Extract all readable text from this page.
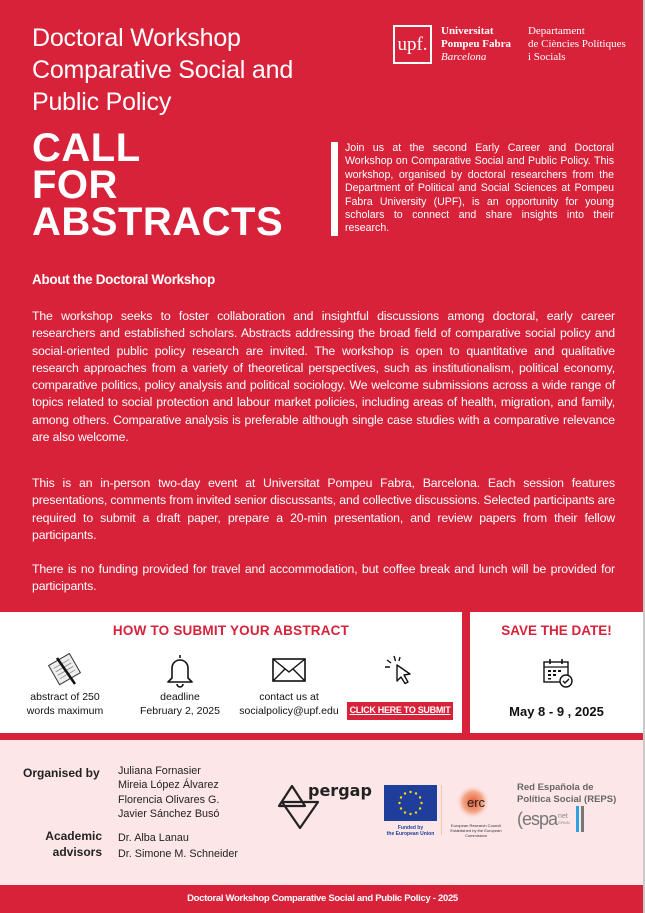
Doctoral Workshop
Comparative Social and
Public Policy
CALL
FOR
ABSTRACTS
upf.
Universitat
Pompeu Fabra
Barcelona
Departament
de Ciències Polítiques
i Socials
Join us at the second Early Career and Doctoral Workshop on Comparative Social and Public Policy. This workshop, organised by doctoral researchers from the Department of Political and Social Sciences at Pompeu Fabra University (UPF), is an opportunity for young scholars to connect and share insights into their research.
About the Doctoral Workshop
The workshop seeks to foster collaboration and insightful discussions among doctoral, early career researchers and established scholars. Abstracts addressing the broad field of comparative social policy and social-oriented public policy research are invited. The workshop is open to quantitative and qualitative research approaches from a variety of theoretical perspectives, such as institutionalism, political economy, comparative politics, policy analysis and political sociology. We welcome submissions across a wide range of topics related to social protection and labour market policies, including areas of health, migration, and family, among others. Comparative analysis is preferable although single case studies with a comparative relevance are also welcome.
This is an in-person two-day event at Universitat Pompeu Fabra, Barcelona. Each session features presentations, comments from invited senior discussants, and collective discussions. Selected participants are required to submit a draft paper, prepare a 20-min presentation, and review papers from their fellow participants.
There is no funding provided for travel and accommodation, but coffee break and lunch will be provided for participants.
HOW TO SUBMIT YOUR ABSTRACT
abstract of 250
words maximum
deadline
February 2, 2025
contact us at
socialpolicy@upf.edu	CLICK HERE TO SUBMIT
SAVE THE DATE!
May 8 - 9 , 2025
Organised by Juliana Fornasier
Mireia López Álvarez
Florencia Olivares G.
Javier Sánchez Busó
Academic
advisors
Dr. Alba Lanau
Dr. Simone M. Schneider
pergap
Funded by
the European Union
erc
European Research Council
Established by the European Commission
Red Española de
Política Social (REPS)
(espa net
SPAIN
Doctoral Workshop Comparative Social and Public Policy - 2025
